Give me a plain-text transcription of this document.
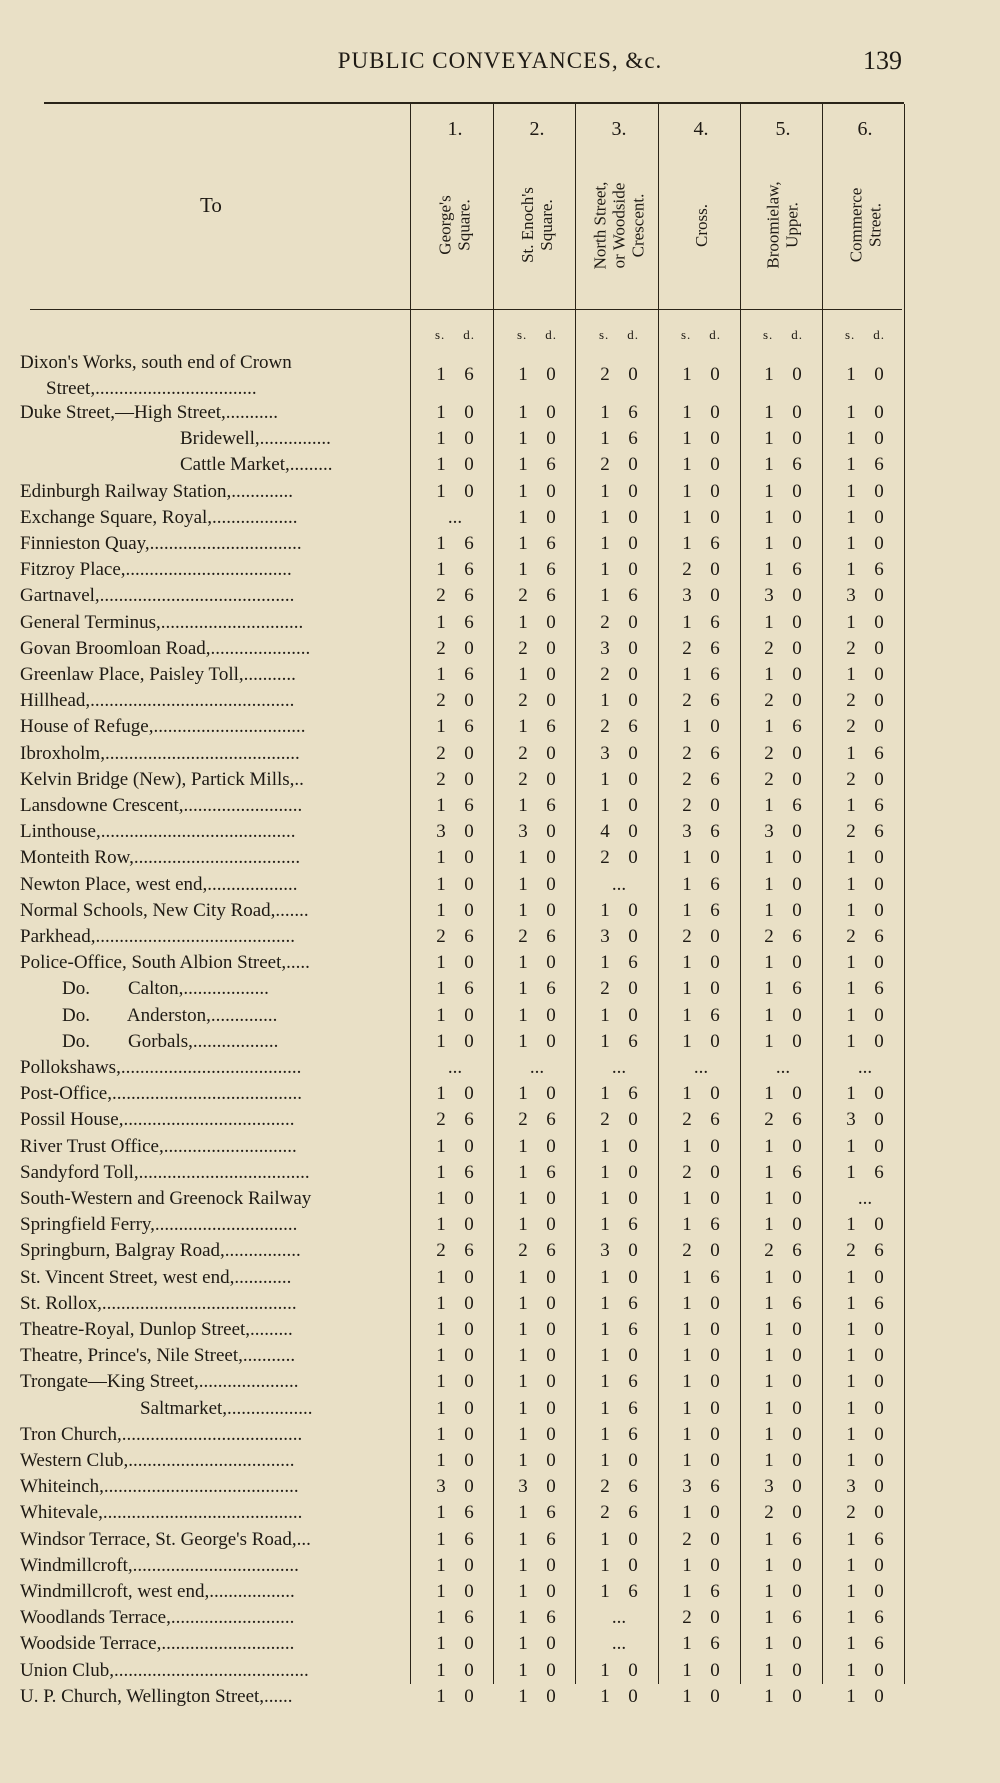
PUBLIC CONVEYANCES, &c.	139
To
1.
George's
Square.
s. d.
2.
St. Enoch's
Square.
s. d.
3.
North Street,
or Woodside
Crescent.
s. d.
4.
Cross.
s. d.
5.
Broomielaw,
Upper.
s. d.
6.
Commerce
Street.
s. d.
Dixon's Works, south end of Crown
Street,..................................
1 6 1 0 2 0 1 0 1 0 1 0
Duke Street,—High Street,...........	1 0 1 0 1 6 1 0 1 0 1 0
Bridewell,...............	1 0 1 0 1 6 1 0 1 0 1 0
Cattle Market,.........	1 0 1 6 2 0 1 0 1 6 1 6
Edinburgh Railway Station,.............	1 0 1 0 1 0 1 0 1 0 1 0
Exchange Square, Royal,..................	...	1 0 1 0 1 0 1 0 1 0
Finnieston Quay,................................	1 6 1 6 1 0 1 6 1 0 1 0
Fitzroy Place,...................................	1 6 1 6 1 0 2 0 1 6 1 6
Gartnavel,.........................................	2 6 2 6 1 6 3 0 3 0 3 0
General Terminus,..............................	1 6 1 0 2 0 1 6 1 0 1 0
Govan Broomloan Road,.....................	2 0 2 0 3 0 2 6 2 0 2 0
Greenlaw Place, Paisley Toll,...........	1 6 1 0 2 0 1 6 1 0 1 0
Hillhead,...........................................	2 0 2 0 1 0 2 6 2 0 2 0
House of Refuge,................................	1 6 1 6 2 6 1 0 1 6 2 0
Ibroxholm,.........................................	2 0 2 0 3 0 2 6 2 0 1 6
Kelvin Bridge (New), Partick Mills,..	2 0 2 0 1 0 2 6 2 0 2 0
Lansdowne Crescent,.........................	1 6 1 6 1 0 2 0 1 6 1 6
Linthouse,.........................................	3 0 3 0 4 0 3 6 3 0 2 6
Monteith Row,...................................	1 0 1 0 2 0 1 0 1 0 1 0
Newton Place, west end,...................	1 0 1 0	...	1 6 1 0 1 0
Normal Schools, New City Road,.......	1 0 1 0 1 0 1 6 1 0 1 0
Parkhead,..........................................	2 6 2 6 3 0 2 0 2 6 2 6
Police-Office, South Albion Street,.....	1 0 1 0 1 6 1 0 1 0 1 0
Do.        Calton,..................	1 6 1 6 2 0 1 0 1 6 1 6
Do.        Anderston,..............	1 0 1 0 1 0 1 6 1 0 1 0
Do.        Gorbals,..................	1 0 1 0 1 6 1 0 1 0 1 0
Pollokshaws,......................................	...	...	...	...	...	...
Post-Office,........................................	1 0 1 0 1 6 1 0 1 0 1 0
Possil House,....................................	2 6 2 6 2 0 2 6 2 6 3 0
River Trust Office,............................	1 0 1 0 1 0 1 0 1 0 1 0
Sandyford Toll,....................................	1 6 1 6 1 0 2 0 1 6 1 6
South-Western and Greenock Railway	1 0 1 0 1 0 1 0 1 0	...
Springfield Ferry,..............................	1 0 1 0 1 6 1 6 1 0 1 0
Springburn, Balgray Road,................	2 6 2 6 3 0 2 0 2 6 2 6
St. Vincent Street, west end,............	1 0 1 0 1 0 1 6 1 0 1 0
St. Rollox,.........................................	1 0 1 0 1 6 1 0 1 6 1 6
Theatre-Royal, Dunlop Street,.........	1 0 1 0 1 6 1 0 1 0 1 0
Theatre, Prince's, Nile Street,...........	1 0 1 0 1 0 1 0 1 0 1 0
Trongate—King Street,.....................	1 0 1 0 1 6 1 0 1 0 1 0
Saltmarket,..................	1 0 1 0 1 6 1 0 1 0 1 0
Tron Church,......................................	1 0 1 0 1 6 1 0 1 0 1 0
Western Club,...................................	1 0 1 0 1 0 1 0 1 0 1 0
Whiteinch,.........................................	3 0 3 0 2 6 3 6 3 0 3 0
Whitevale,..........................................	1 6 1 6 2 6 1 0 2 0 2 0
Windsor Terrace, St. George's Road,...	1 6 1 6 1 0 2 0 1 6 1 6
Windmillcroft,...................................	1 0 1 0 1 0 1 0 1 0 1 0
Windmillcroft, west end,..................	1 0 1 0 1 6 1 6 1 0 1 0
Woodlands Terrace,..........................	1 6 1 6	...	2 0 1 6 1 6
Woodside Terrace,............................	1 0 1 0	...	1 6 1 0 1 6
Union Club,.........................................	1 0 1 0 1 0 1 0 1 0 1 0
U. P. Church, Wellington Street,......	1 0 1 0 1 0 1 0 1 0 1 0
